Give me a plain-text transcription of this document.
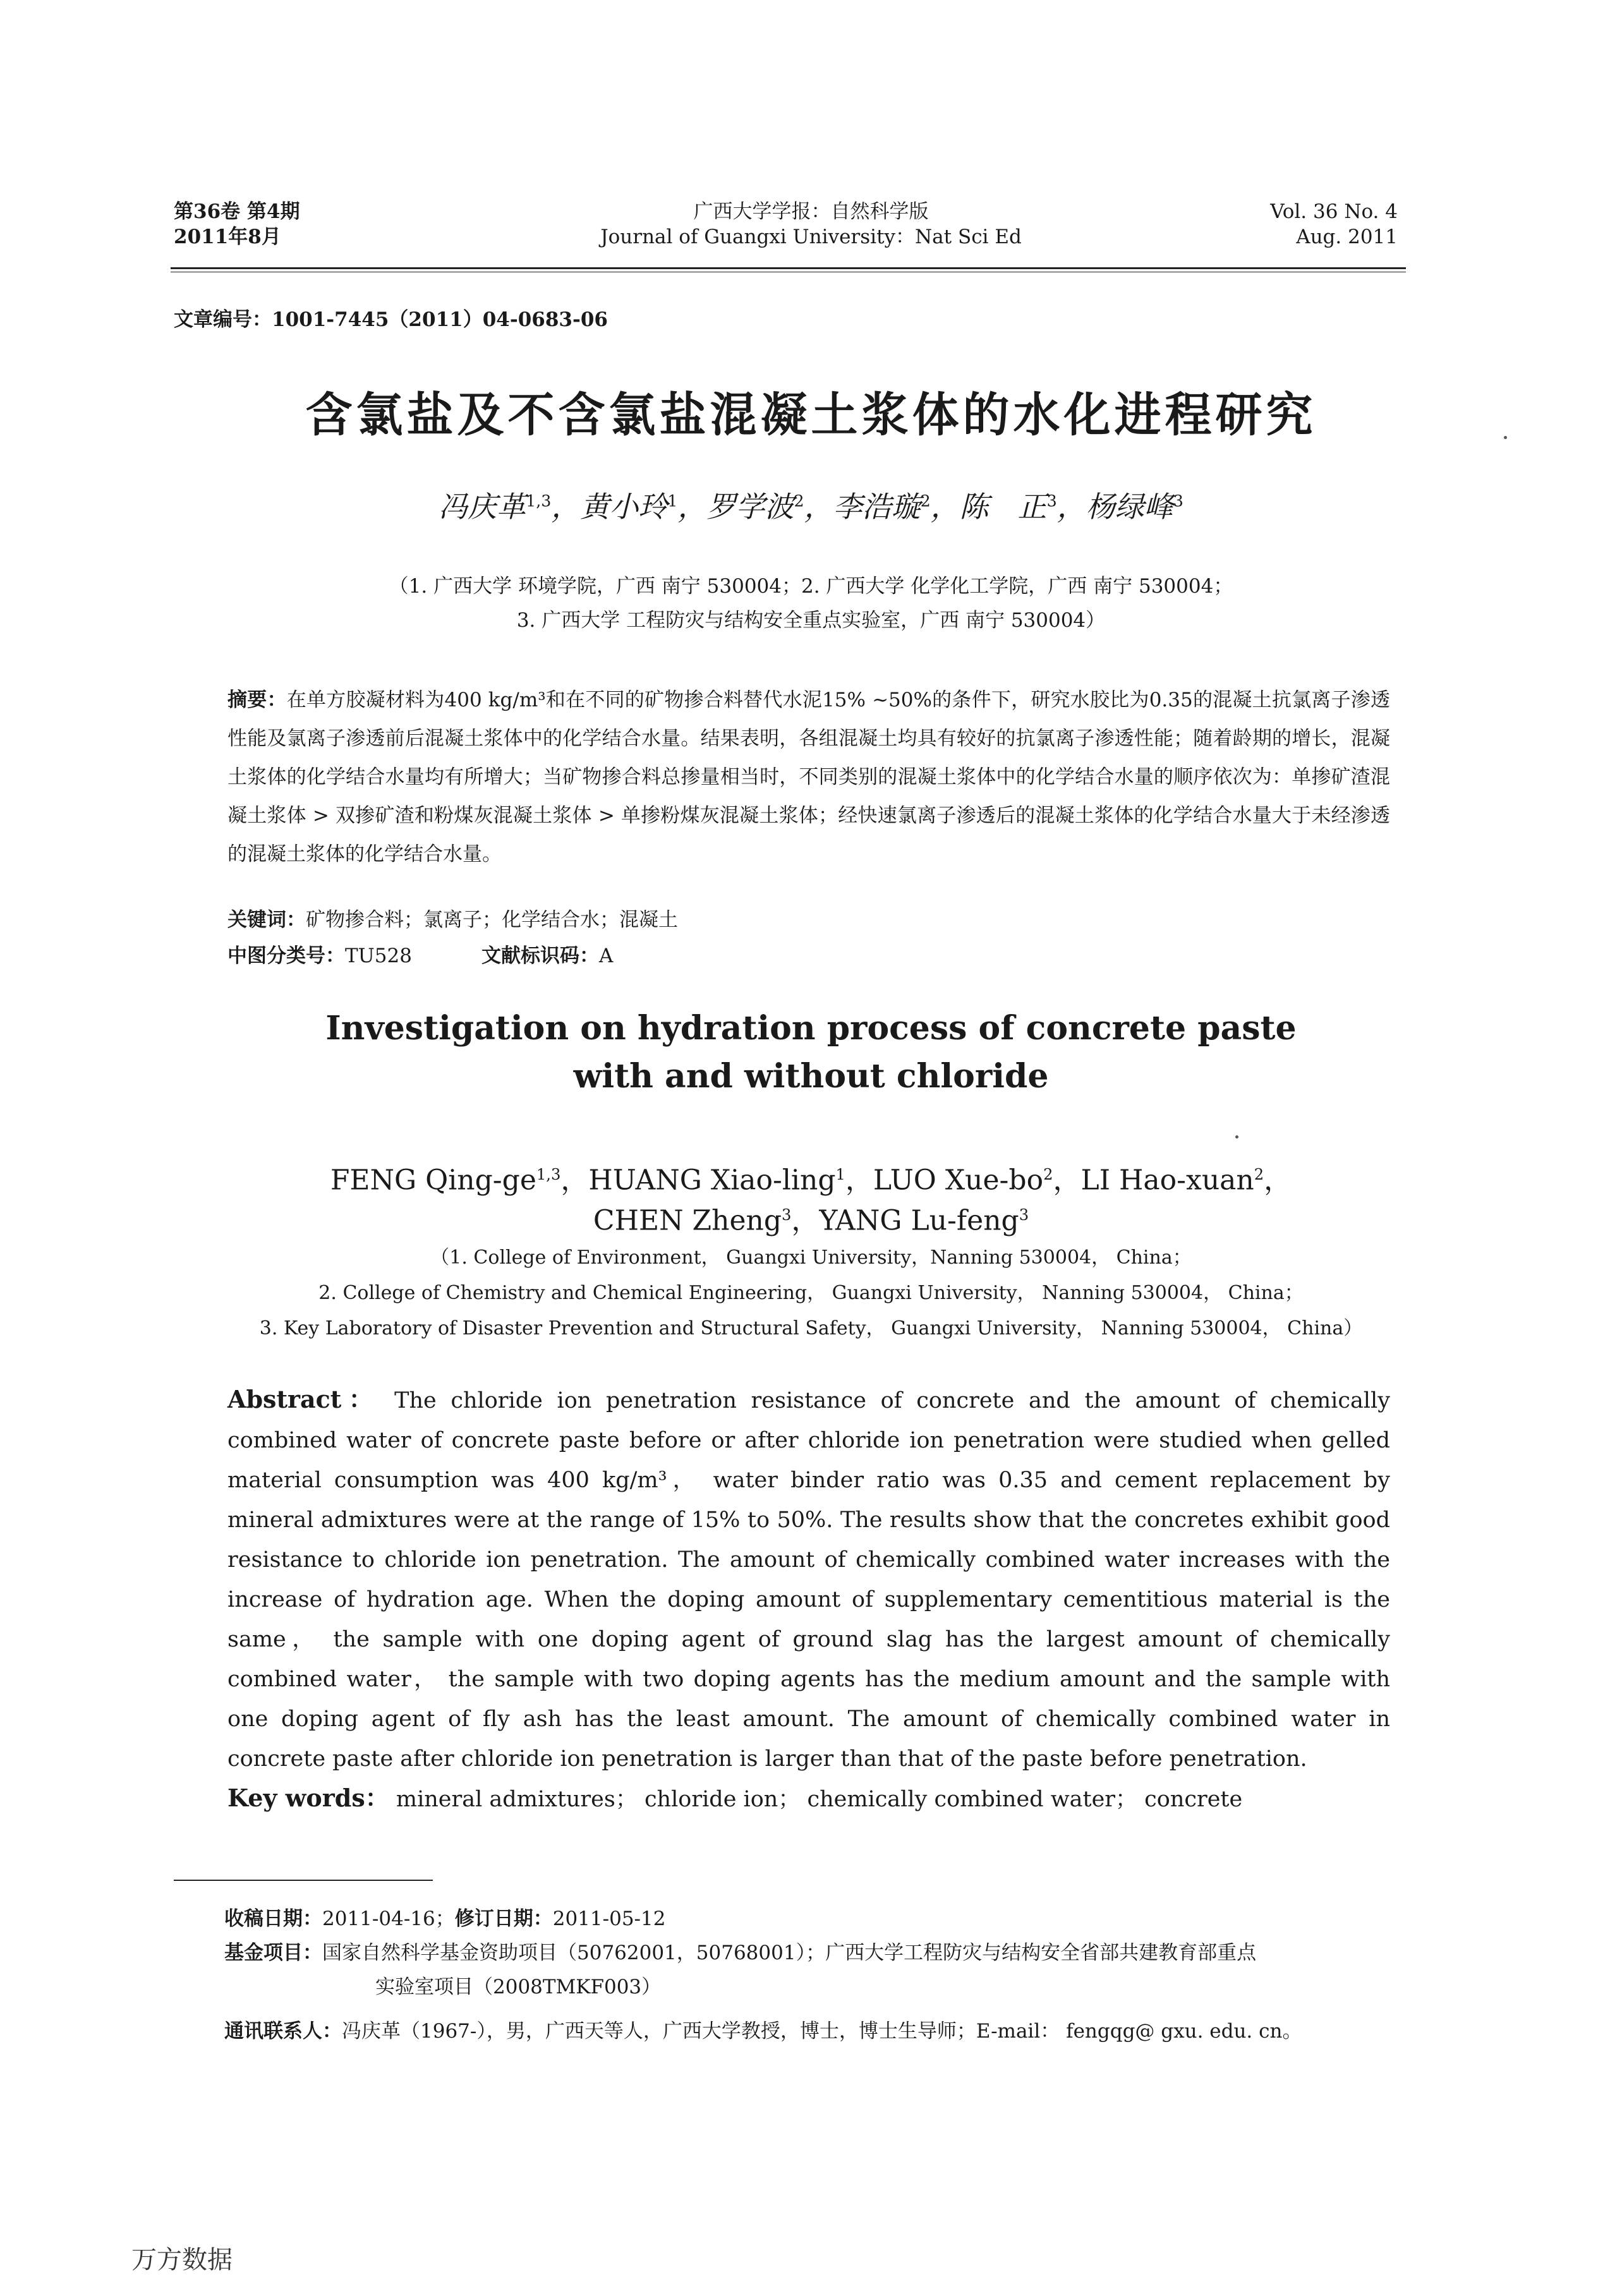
第36卷 第4期
2011年8月
广西大学学报：自然科学版
Journal of Guangxi University：Nat Sci Ed
Vol. 36 No. 4
Aug. 2011
文章编号：1001-7445（2011）04-0683-06
含氯盐及不含氯盐混凝土浆体的水化进程研究
冯庆革$^{1,3}$，黄小玲$^1$，罗学波$^2$，李浩璇$^2$，陈　正$^3$，杨绿峰$^3$
（1. 广西大学 环境学院，广西 南宁 530004；2. 广西大学 化学化工学院，广西 南宁 530004；
3. 广西大学 工程防灾与结构安全重点实验室，广西 南宁 530004）
摘要：在单方胶凝材料为400 kg/m³和在不同的矿物掺合料替代水泥15% ~50%的条件下，研究水胶比为0.35的混凝土抗氯离子渗透性能及氯离子渗透前后混凝土浆体中的化学结合水量。结果表明，各组混凝土均具有较好的抗氯离子渗透性能；随着龄期的增长，混凝土浆体的化学结合水量均有所增大；当矿物掺合料总掺量相当时，不同类别的混凝土浆体中的化学结合水量的顺序依次为：单掺矿渣混凝土浆体 > 双掺矿渣和粉煤灰混凝土浆体 > 单掺粉煤灰混凝土浆体；经快速氯离子渗透后的混凝土浆体的化学结合水量大于未经渗透的混凝土浆体的化学结合水量。
关键词：矿物掺合料；氯离子；化学结合水；混凝土
中图分类号：TU528	文献标识码：A
Investigation on hydration process of concrete paste
with and without chloride
FENG Qing-ge$^{1,3}$，HUANG Xiao-ling$^1$，LUO Xue-$bo^2$，LI Hao-xuan$^2$，
CHEN Zheng$^3$，YANG Lu-feng$^3$
（1. College of Environment， Guangxi University，Nanning 530004， China；
2. College of Chemistry and Chemical Engineering， Guangxi University， Nanning 530004， China；
3. Key Laboratory of Disaster Prevention and Structural Safety， Guangxi University， Nanning 530004， China）
Abstract： The chloride ion penetration resistance of concrete and the amount of chemically combined water of concrete paste before or after chloride ion penetration were studied when gelled material consumption was 400 kg/m³， water binder ratio was 0.35 and cement replacement by mineral admixtures were at the range of 15% to 50%. The results show that the concretes exhibit good resistance to chloride ion penetration. The amount of chemically combined water increases with the increase of hydration age. When the doping amount of supplementary cementitious material is the same， the sample with one doping agent of ground slag has the largest amount of chemically combined water， the sample with two doping agents has the medium amount and the sample with one doping agent of fly ash has the least amount. The amount of chemically combined water in concrete paste after chloride ion penetration is larger than that of the paste before penetration.
Key words： mineral admixtures； chloride ion； chemically combined water； concrete
收稿日期：2011-04-16；修订日期：2011-05-12
基金项目：国家自然科学基金资助项目（50762001，50768001）；广西大学工程防灾与结构安全省部共建教育部重点
实验室项目（2008TMKF003）
通讯联系人：冯庆革（1967-），男，广西天等人，广西大学教授，博士，博士生导师；E-mail： fengqg@ gxu. edu. cn。
万方数据
